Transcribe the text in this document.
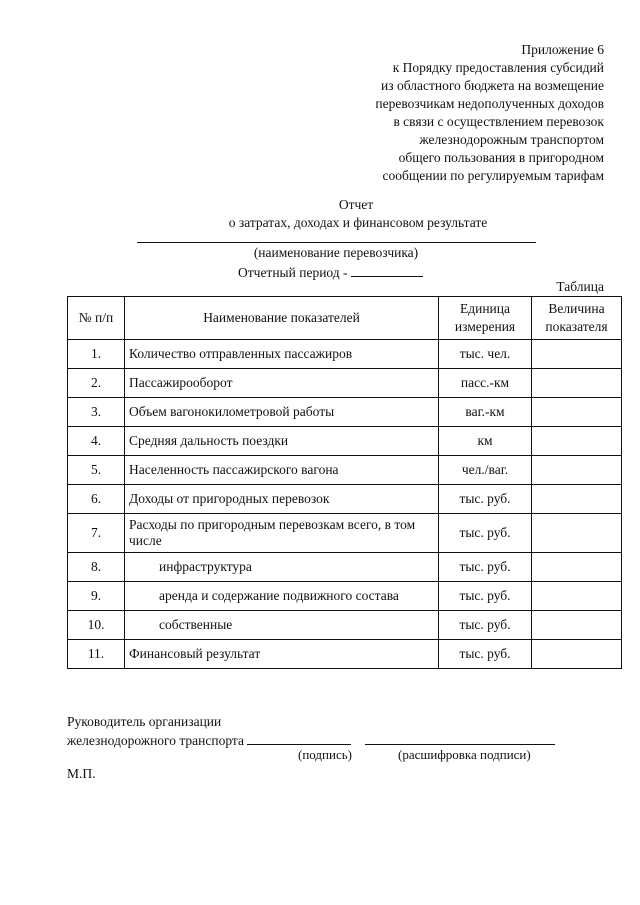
Приложение 6
к Порядку предоставления субсидий
из областного бюджета на возмещение
перевозчикам недополученных доходов
в связи с осуществлением перевозок
железнодорожным транспортом
общего пользования в пригородном
сообщении по регулируемым тарифам
Отчет
о затратах, доходах и финансовом результате
(наименование перевозчика)
Отчетный период -
Таблица
№ п/п	Наименование показателей	Единица измерения	Величина показателя
1.	Количество отправленных пассажиров	тыс. чел.	
2.	Пассажирооборот	пасс.-км	
3.	Объем вагонокилометровой работы	ваг.-км	
4.	Средняя дальность поездки	км	
5.	Населенность пассажирского вагона	чел./ваг.	
6.	Доходы от пригородных перевозок	тыс. руб.	
7.	Расходы по пригородным перевозкам всего, в том числе	тыс. руб.	
8.	инфраструктура	тыс. руб.	
9.	аренда и содержание подвижного состава	тыс. руб.	
10.	собственные	тыс. руб.	
11.	Финансовый результат	тыс. руб.	
Руководитель организации
железнодорожного транспорта
(подпись)	(расшифровка подписи)
М.П.
